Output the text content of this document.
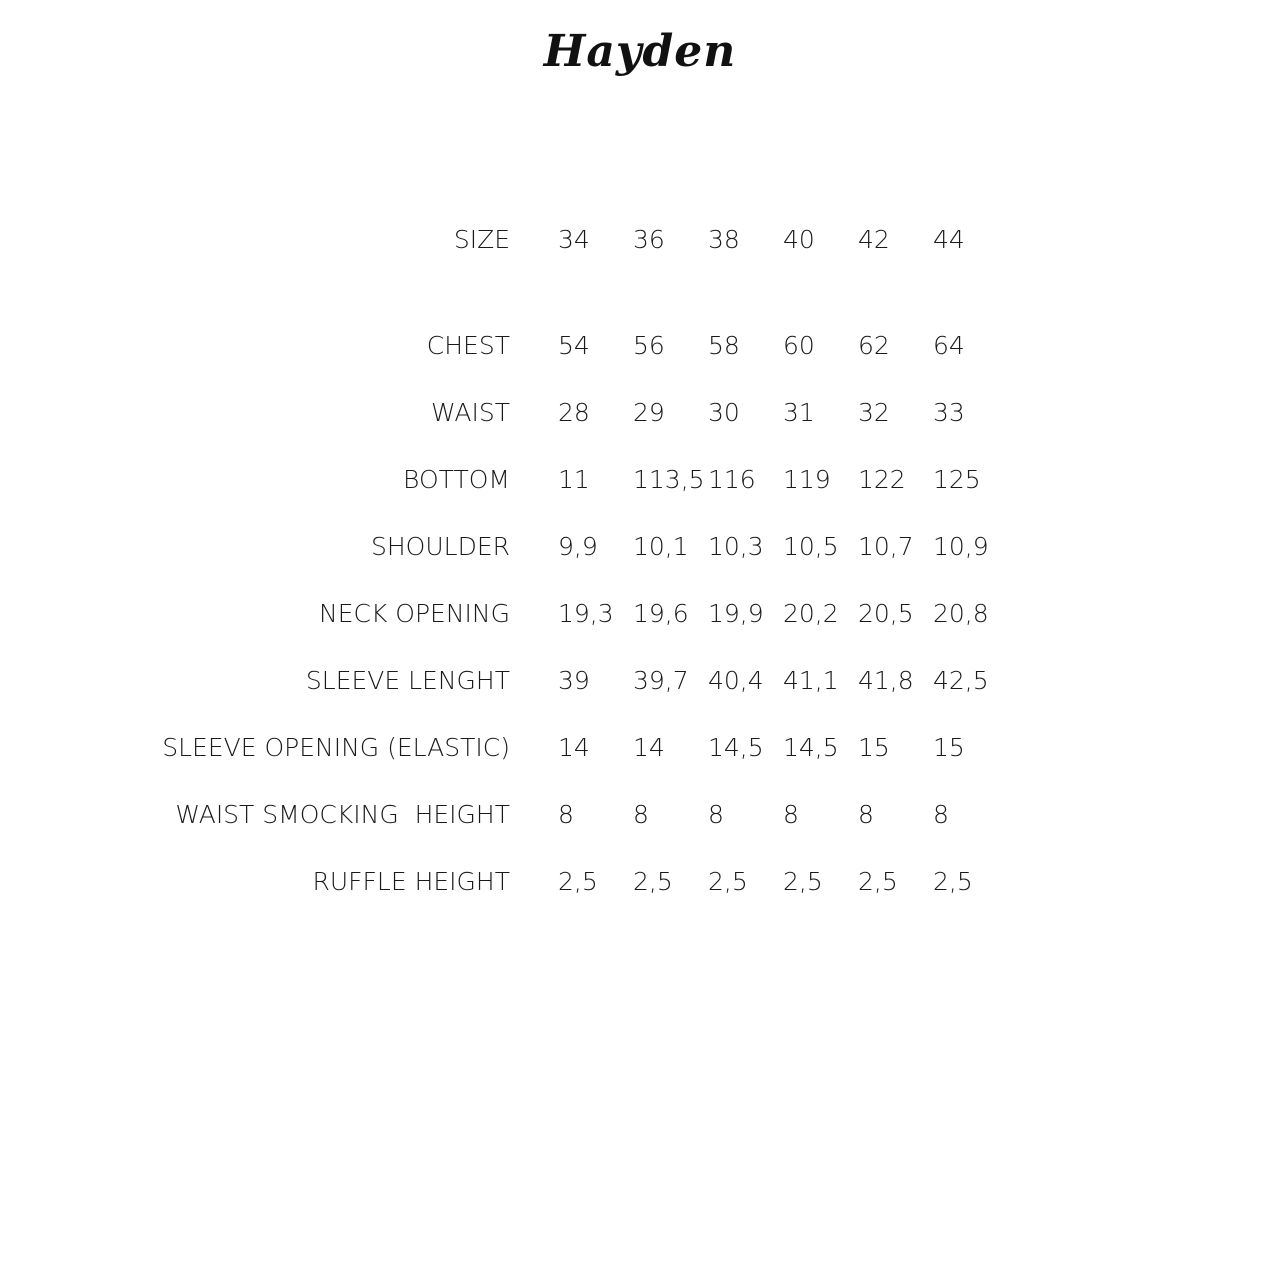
Hayden
SIZE 34 36 38 40 42 44
CHEST 54 56 58 60 62 64
WAIST 28 29 30 31 32 33
BOTTOM 11 113,5 116 119 122 125
SHOULDER 9,9 10,1 10,3 10,5 10,7 10,9
NECK OPENING 19,3 19,6 19,9 20,2 20,5 20,8
SLEEVE LENGHT 39 39,7 40,4 41,1 41,8 42,5
SLEEVE OPENING (ELASTIC) 14 14 14,5 14,5 15 15
WAIST SMOCKING  HEIGHT 8 8 8 8 8 8
RUFFLE HEIGHT 2,5 2,5 2,5 2,5 2,5 2,5
